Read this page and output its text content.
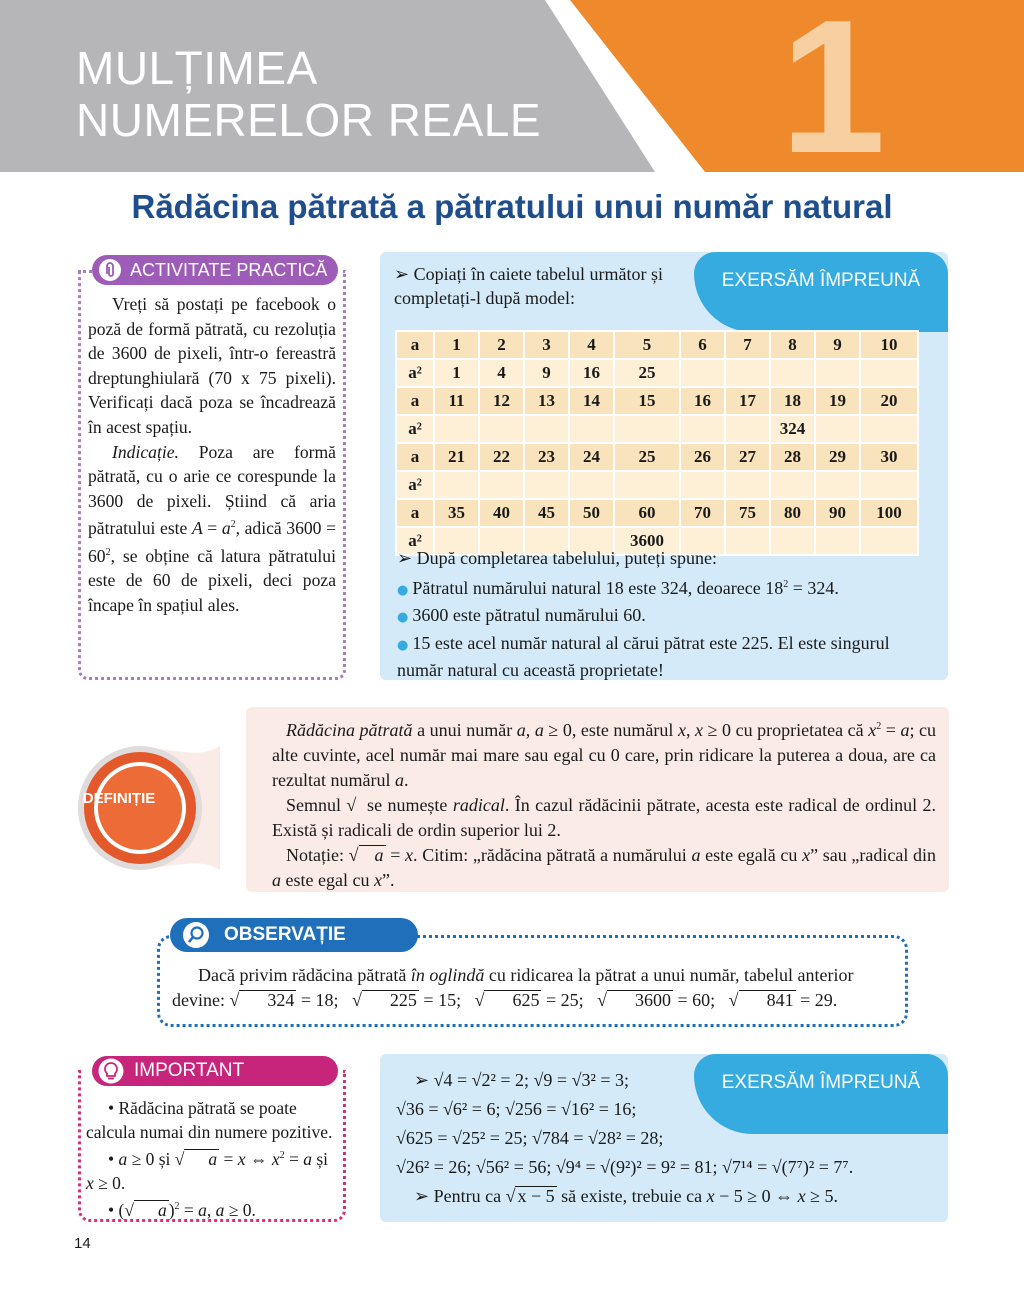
MULȚIMEA
NUMERELOR REALE 1
Rădăcina pătrată a pătratului unui număr natural
ACTIVITATE PRACTICĂ

Vreți să postați pe facebook o poză de formă pătrată, cu rezoluția de 3600 de pixeli, într-o fereastră dreptunghiulară (70 x 75 pixeli). Verificați dacă poza se încadrează în acest spațiu.

Indicație. Poza are formă pătrată, cu o arie ce corespunde la 3600 de pixeli. Știind că aria pătratului este $A = a^2$, adică $3600 = 60^2$, se obține că latura pătratului este de 60 de pixeli, deci poza încape în spațiul ales.

EXERSĂM ÎMPREUNĂ
➢ Copiați în caiete tabelul următor și completați-l după model:
a	1	2	3	4	5	6	7	8	9	10
a²	1	4	9	16	25					
a	11	12	13	14	15	16	17	18	19	20
a²								324		
a	21	22	23	24	25	26	27	28	29	30
a²										
a	35	40	45	50	60	70	75	80	90	100
a²					3600					

➢ După completarea tabelului, puteți spune:

● Pătratul numărului natural 18 este 324, deoarece $18^2 = 324$.

● 3600 este pătratul numărului 60.

● 15 este acel număr natural al cărui pătrat este 225. El este singurul număr natural cu această proprietate!

DEFINIȚIE

Rădăcina pătrată a unui număr a, a ≥ 0, este numărul x, x ≥ 0 cu proprietatea că $x^2 = a$; cu alte cuvinte, acel număr mai mare sau egal cu 0 care, prin ridicare la puterea a doua, are ca rezultat numărul a.

Semnul √  se numește radical. În cazul rădăcinii pătrate, acesta este radical de ordinul 2. Există și radicali de ordin superior lui 2.

Notație: √ a = x. Citim: „rădăcina pătrată a numărului a este egală cu x” sau „radical din a este egal cu x”.

OBSERVAȚIE

Dacă privim rădăcina pătrată în oglindă cu ridicarea la pătrat a unui număr, tabelul anterior devine: √ 324 = 18;   √ 225 = 15;   √ 625 = 25;   √ 3600 = 60;   √ 841 = 29.

IMPORTANT

• Rădăcina pătrată se poate calcula numai din numere pozitive.

• a ≥ 0 și √ a = x ⇔ $x^2 = a$ și x ≥ 0.

• (√ a )$^2$ = a, a ≥ 0.

EXERSĂM ÎMPREUNĂ

➢ √4 = √2² = 2; √9 = √3² = 3;

√36 = √6² = 6; √256 = √16² = 16;

√625 = √25² = 25; √784 = √28² = 28;

√26² = 26; √56² = 56; √9⁴ = √(9²)² = 9² = 81; √7¹⁴ = √(7⁷)² = 7⁷.

➢ Pentru ca √ x − 5 să existe, trebuie ca x − 5 ≥ 0 ⇔ x ≥ 5.

14
